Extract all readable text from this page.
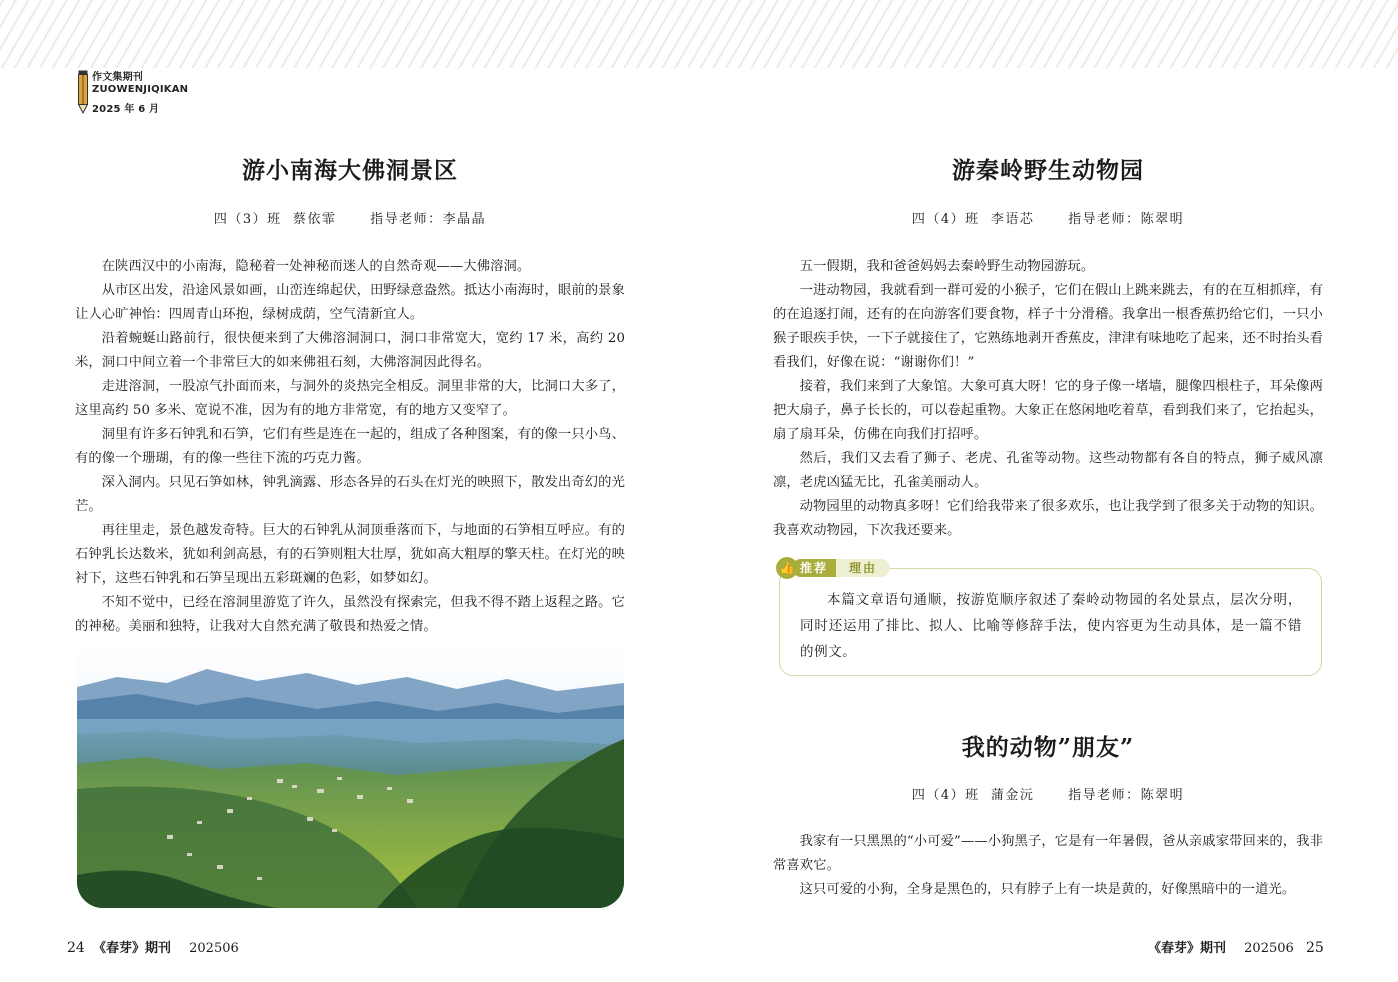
作文集期刊
ZUOWENJIQIKAN
2025 年 6 月
游小南海大佛洞景区
四（3）班  蔡依霏      指导老师：李晶晶

在陕西汉中的小南海，隐秘着一处神秘而迷人的自然奇观——大佛溶洞。

从市区出发，沿途风景如画，山峦连绵起伏，田野绿意盎然。抵达小南海时，眼前的景象让人心旷神怡：四周青山环抱，绿树成荫，空气清新宜人。

沿着蜿蜒山路前行，很快便来到了大佛溶洞洞口，洞口非常宽大，宽约 17 米，高约 20 米，洞口中间立着一个非常巨大的如来佛祖石刻，大佛溶洞因此得名。

走进溶洞，一股凉气扑面而来，与洞外的炎热完全相反。洞里非常的大，比洞口大多了，这里高约 50 多米、宽说不准，因为有的地方非常宽，有的地方又变窄了。

洞里有许多石钟乳和石笋，它们有些是连在一起的，组成了各种图案，有的像一只小鸟、有的像一个珊瑚，有的像一些往下流的巧克力酱。

深入洞内。只见石笋如林，钟乳滴露、形态各异的石头在灯光的映照下，散发出奇幻的光芒。

再往里走，景色越发奇特。巨大的石钟乳从洞顶垂落而下，与地面的石笋相互呼应。有的石钟乳长达数米，犹如利剑高悬，有的石笋则粗大壮厚，犹如高大粗厚的擎天柱。在灯光的映衬下，这些石钟乳和石笋呈现出五彩斑斓的色彩，如梦如幻。

不知不觉中，已经在溶洞里游览了许久，虽然没有探索完，但我不得不踏上返程之路。它的神秘。美丽和独特，让我对大自然充满了敬畏和热爱之情。

游秦岭野生动物园
四（4）班  李语芯      指导老师：陈翠明

五一假期，我和爸爸妈妈去秦岭野生动物园游玩。

一进动物园，我就看到一群可爱的小猴子，它们在假山上跳来跳去，有的在互相抓痒，有的在追逐打闹，还有的在向游客们要食物，样子十分滑稽。我拿出一根香蕉扔给它们，一只小猴子眼疾手快，一下子就接住了，它熟练地剥开香蕉皮，津津有味地吃了起来，还不时抬头看看我们，好像在说：“谢谢你们！”

接着，我们来到了大象馆。大象可真大呀！它的身子像一堵墙，腿像四根柱子，耳朵像两把大扇子，鼻子长长的，可以卷起重物。大象正在悠闲地吃着草，看到我们来了，它抬起头，扇了扇耳朵，仿佛在向我们打招呼。

然后，我们又去看了狮子、老虎、孔雀等动物。这些动物都有各自的特点，狮子威风凛凛，老虎凶猛无比，孔雀美丽动人。

动物园里的动物真多呀！它们给我带来了很多欢乐，也让我学到了很多关于动物的知识。我喜欢动物园，下次我还要来。

我的动物”朋友”
四（4）班  蒲金沅      指导老师：陈翠明

我家有一只黑黑的“小可爱”——小狗黑子，它是有一年暑假，爸从亲戚家带回来的，我非常喜欢它。

这只可爱的小狗，全身是黑色的，只有脖子上有一块是黄的，好像黑暗中的一道光。

推荐	理由
👍

本篇文章语句通顺，按游览顺序叙述了秦岭动物园的名处景点，层次分明，同时还运用了排比、拟人、比喻等修辞手法，使内容更为生动具体，是一篇不错的例文。

24 《春芽》期刊 202506	《春芽》期刊 202506 25
